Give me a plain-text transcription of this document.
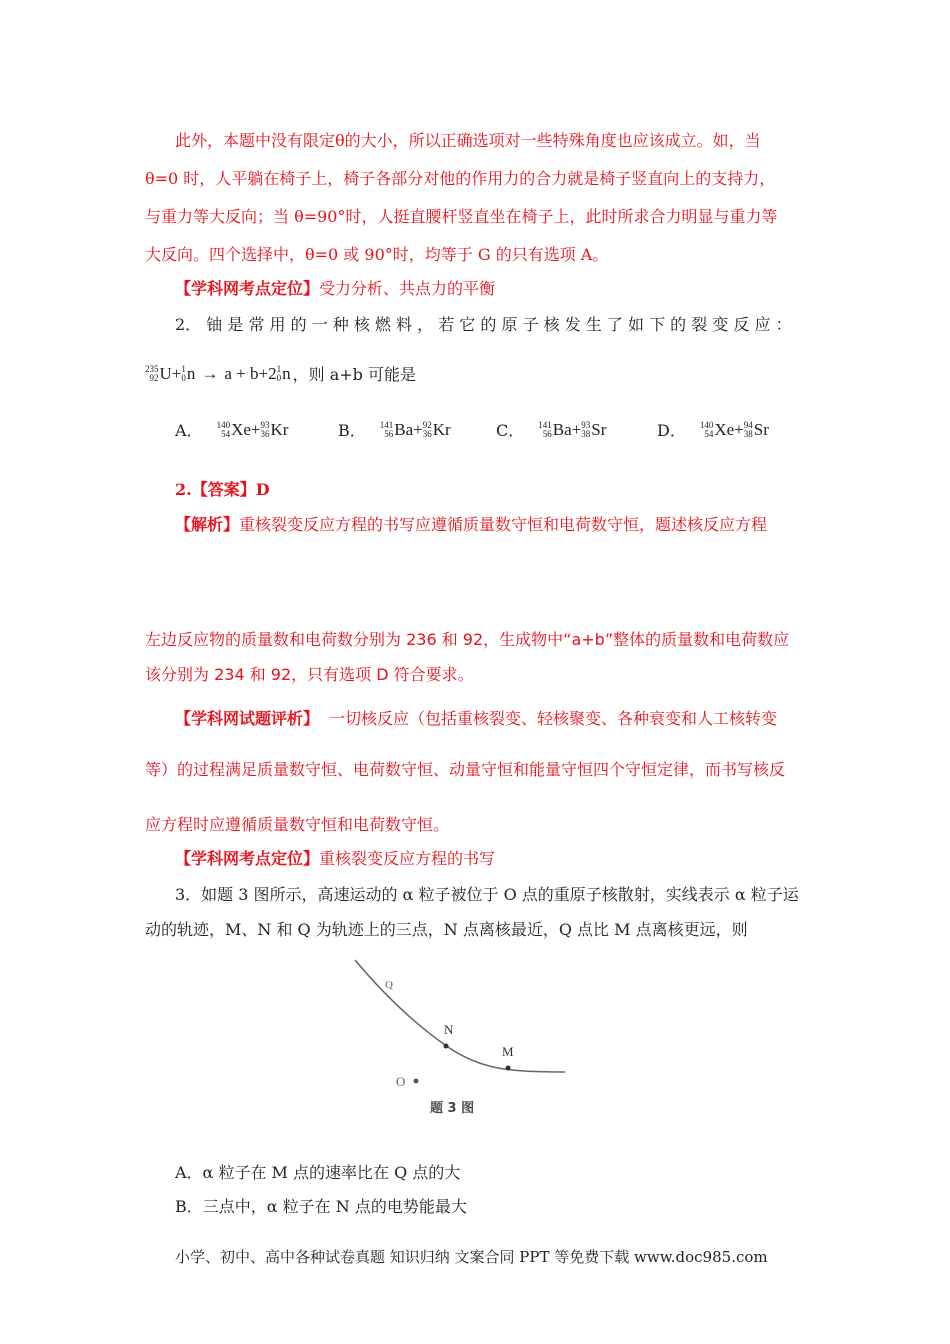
此外，本题中没有限定θ的大小，所以正确选项对一些特殊角度也应该成立。如，当
θ=0 时，人平躺在椅子上，椅子各部分对他的作用力的合力就是椅子竖直向上的支持力，
与重力等大反向；当 θ=90°时，人挺直腰杆竖直坐在椅子上，此时所求合力明显与重力等
大反向。四个选择中，θ=0 或 90°时，均等于 G 的只有选项 A。
【学科网考点定位】受力分析、共点力的平衡
2． 铀 是 常 用 的 一 种 核 燃 料 ， 若 它 的 原 子 核 发 生 了 如 下 的 裂 变 反 应 ：
235
92 U + 1
0 n → a + b+2 1
0 n ，则 a+b 可能是
A． 140
54 Xe + 93
36 Kr	B． 141
56 Ba + 92
36 Kr	C． 141
56 Ba + 93
38 Sr	D． 140
54 Xe + 94
38 Sr
2.【答案】D
【解析】重核裂变反应方程的书写应遵循质量数守恒和电荷数守恒，题述核反应方程
左边反应物的质量数和电荷数分别为 236 和 92，生成物中“a+b”整体的质量数和电荷数应
该分别为 234 和 92，只有选项 D 符合要求。
【学科网试题评析】 一切核反应（包括重核裂变、轻核聚变、各种衰变和人工核转变
等）的过程满足质量数守恒、电荷数守恒、动量守恒和能量守恒四个守恒定律，而书写核反
应方程时应遵循质量数守恒和电荷数守恒。
【学科网考点定位】重核裂变反应方程的书写
3．如题 3 图所示，高速运动的 α 粒子被位于 O 点的重原子核散射，实线表示 α 粒子运
动的轨迹，M、N 和 Q 为轨迹上的三点，N 点离核最近，Q 点比 M 点离核更远，则
Q
N
M
O
题 3 图
A．α 粒子在 M 点的速率比在 Q 点的大
B．三点中，α 粒子在 N 点的电势能最大
小学、初中、高中各种试卷真题 知识归纳 文案合同 PPT 等免费下载 www.doc985.com
